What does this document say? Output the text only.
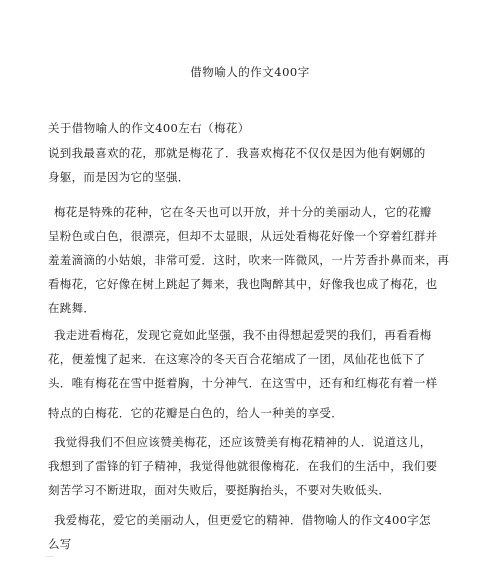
借物喻人的作文400字
关于借物喻人的作文400左右（梅花）
说到我最喜欢的花，那就是梅花了．我喜欢梅花不仅仅是因为他有婀娜的
身躯，而是因为它的坚强．
梅花是特殊的花种，它在冬天也可以开放，并十分的美丽动人，它的花瓣
呈粉色或白色，很漂亮，但却不太显眼，从远处看梅花好像一个穿着红群并
羞羞滴滴的小姑娘，非常可爱．这时，吹来一阵微风，一片芳香扑鼻而来，再
看梅花，它好像在树上跳起了舞来，我也陶醉其中，好像我也成了梅花，也
在跳舞．
我走进看梅花，发现它竟如此坚强，我不由得想起爱哭的我们，再看看梅
花，便羞愧了起来．在这寒冷的冬天百合花缩成了一团，凤仙花也低下了
头．唯有梅花在雪中挺着胸，十分神气．在这雪中，还有和红梅花有着一样
特点的白梅花．它的花瓣是白色的，给人一种美的享受．
我觉得我们不但应该赞美梅花，还应该赞美有梅花精神的人．说道这儿，
我想到了雷锋的钉子精神，我觉得他就很像梅花．在我们的生活中，我们要
刻苦学习不断进取，面对失败后，要挺胸抬头，不要对失败低头．
我爱梅花，爱它的美丽动人，但更爱它的精神．借物喻人的作文400字怎
么写
